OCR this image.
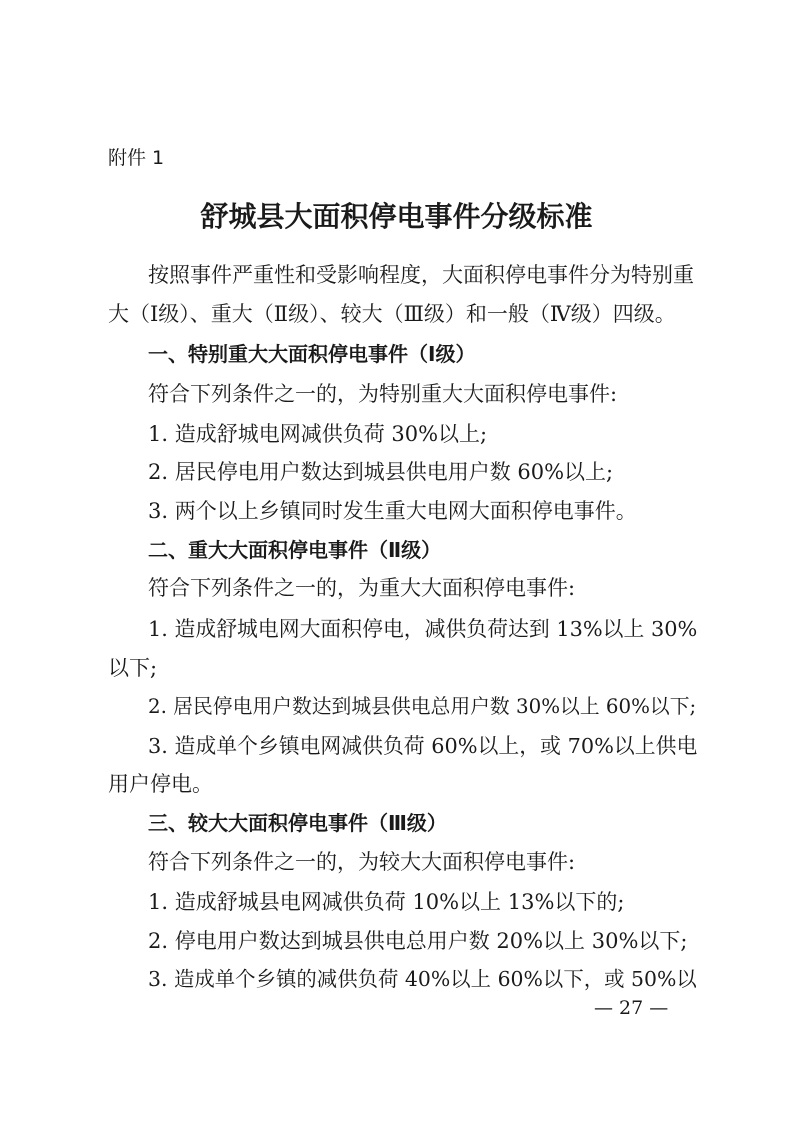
附件 1
舒城县大面积停电事件分级标准
按照事件严重性和受影响程度，大面积停电事件分为特别重
大（Ⅰ级）、重大（Ⅱ级）、较大（Ⅲ级）和一般（Ⅳ级）四级。
一、特别重大大面积停电事件（Ⅰ级）
符合下列条件之一的，为特别重大大面积停电事件:
1. 造成舒城电网减供负荷 30%以上;
2. 居民停电用户数达到城县供电用户数 60%以上;
3. 两个以上乡镇同时发生重大电网大面积停电事件。
二、重大大面积停电事件（Ⅱ级）
符合下列条件之一的，为重大大面积停电事件:
1. 造成舒城电网大面积停电，减供负荷达到 13%以上 30%
以下;
2. 居民停电用户数达到城县供电总用户数 30%以上 60%以下;
3. 造成单个乡镇电网减供负荷 60%以上，或 70%以上供电
用户停电。
三、较大大面积停电事件（Ⅲ级）
符合下列条件之一的，为较大大面积停电事件:
1. 造成舒城县电网减供负荷 10%以上 13%以下的;
2. 停电用户数达到城县供电总用户数 20%以上 30%以下;
3. 造成单个乡镇的减供负荷 40%以上 60%以下，或 50%以
— 27 —
